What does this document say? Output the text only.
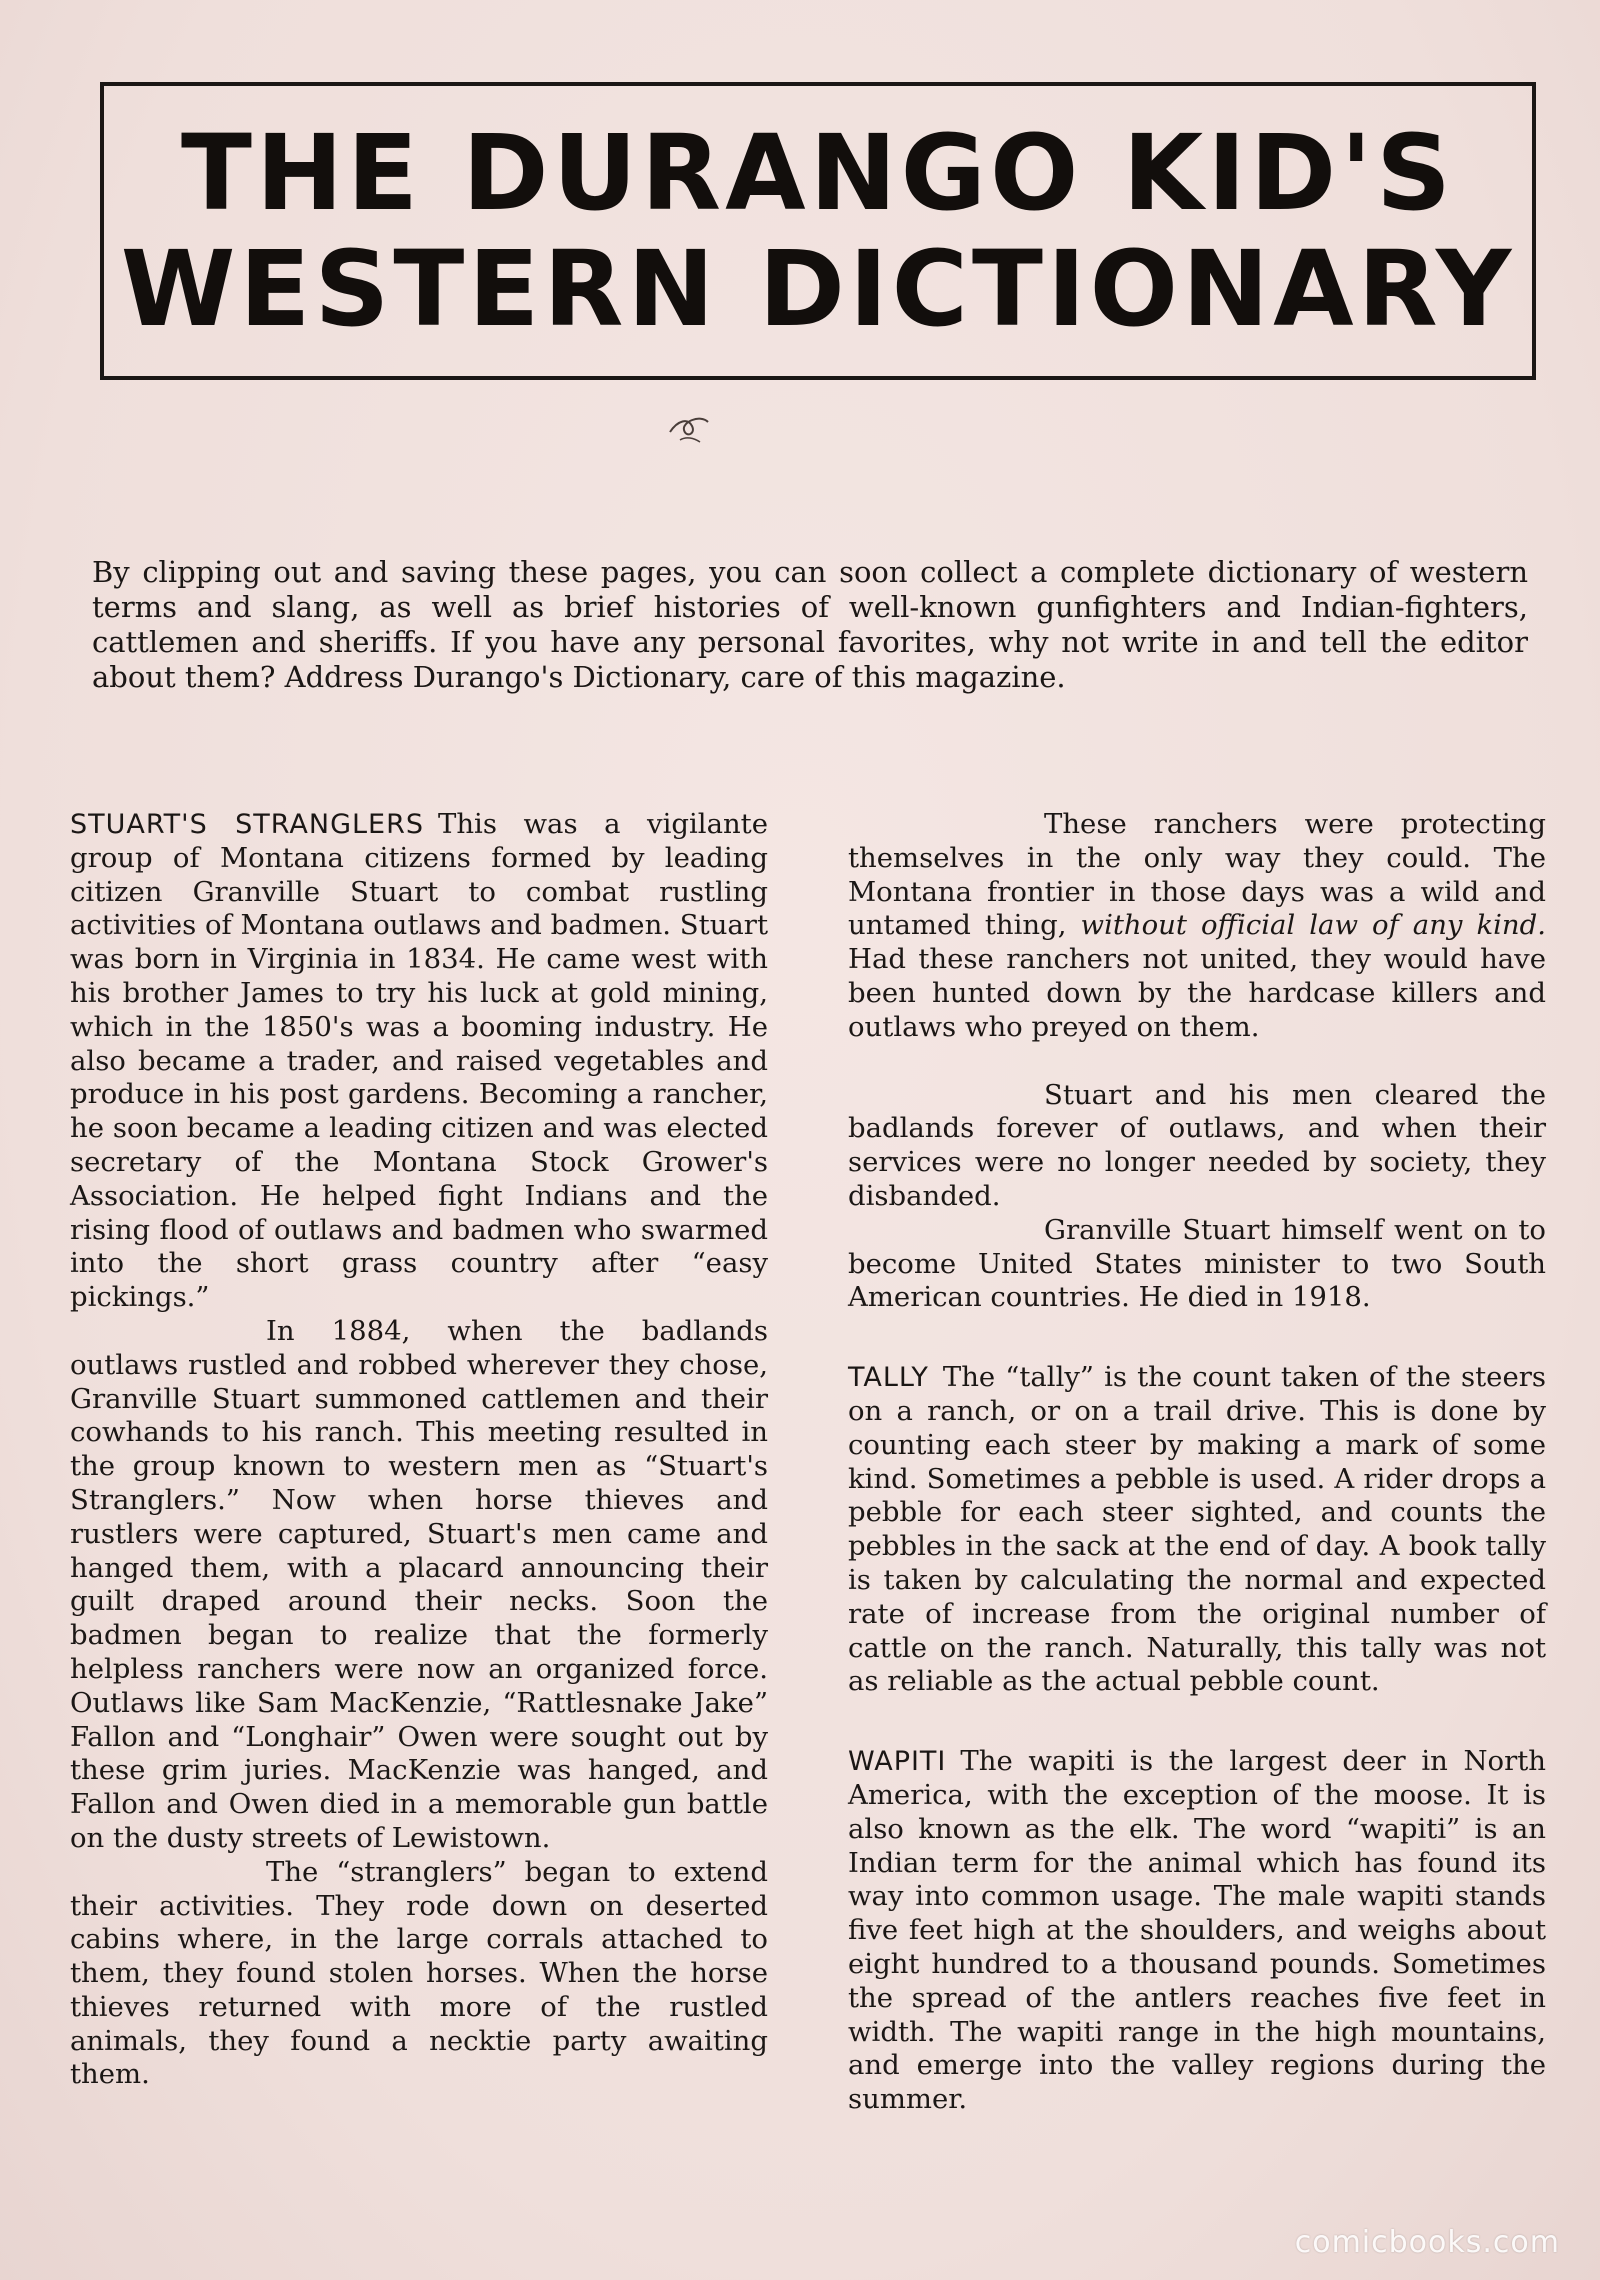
THE DURANGO KID'S
WESTERN DICTIONARY
By clipping out and saving these pages, you can soon collect a complete dictionary of western terms and slang, as well as brief histories of well-known gunfighters and Indian-fighters, cattlemen and sheriffs. If you have any personal favorites, why not write in and tell the editor about them? Address Durango's Dictionary, care of this magazine.

STUART'S STRANGLERS This was a vigilante group of Montana citizens formed by leading citizen Granville Stuart to combat rustling activities of Montana outlaws and badmen. Stuart was born in Virginia in 1834. He came west with his brother James to try his luck at gold mining, which in the 1850's was a booming industry. He also became a trader, and raised vegetables and produce in his post gardens. Becoming a rancher, he soon became a leading citizen and was elected secretary of the Montana Stock Grower's Association. He helped fight Indians and the rising flood of outlaws and badmen who swarmed into the short grass country after “easy pickings.”

In 1884, when the badlands outlaws rustled and robbed wherever they chose, Granville Stuart summoned cattlemen and their cowhands to his ranch. This meeting resulted in the group known to western men as “Stuart's Stranglers.” Now when horse thieves and rustlers were captured, Stuart's men came and hanged them, with a placard announcing their guilt draped around their necks. Soon the badmen began to realize that the formerly helpless ranchers were now an organized force. Outlaws like Sam MacKenzie, “Rattlesnake Jake” Fallon and “Longhair” Owen were sought out by these grim juries. MacKenzie was hanged, and Fallon and Owen died in a memorable gun battle on the dusty streets of Lewistown.

The “stranglers” began to extend their activities. They rode down on deserted cabins where, in the large corrals attached to them, they found stolen horses. When the horse thieves returned with more of the rustled animals, they found a necktie party awaiting them.

These ranchers were protecting themselves in the only way they could. The Montana frontier in those days was a wild and untamed thing, without official law of any kind. Had these ranchers not united, they would have been hunted down by the hardcase killers and outlaws who preyed on them.

Stuart and his men cleared the badlands forever of outlaws, and when their services were no longer needed by society, they disbanded.

Granville Stuart himself went on to become United States minister to two South American countries. He died in 1918.

TALLY The “tally” is the count taken of the steers on a ranch, or on a trail drive. This is done by counting each steer by making a mark of some kind. Sometimes a pebble is used. A rider drops a pebble for each steer sighted, and counts the pebbles in the sack at the end of day. A book tally is taken by calculating the normal and expected rate of increase from the original number of cattle on the ranch. Naturally, this tally was not as reliable as the actual pebble count.

WAPITI The wapiti is the largest deer in North America, with the exception of the moose. It is also known as the elk. The word “wapiti” is an Indian term for the animal which has found its way into common usage. The male wapiti stands five feet high at the shoulders, and weighs about eight hundred to a thousand pounds. Sometimes the spread of the antlers reaches five feet in width. The wapiti range in the high mountains, and emerge into the valley regions during the summer.

comicbooks.com
